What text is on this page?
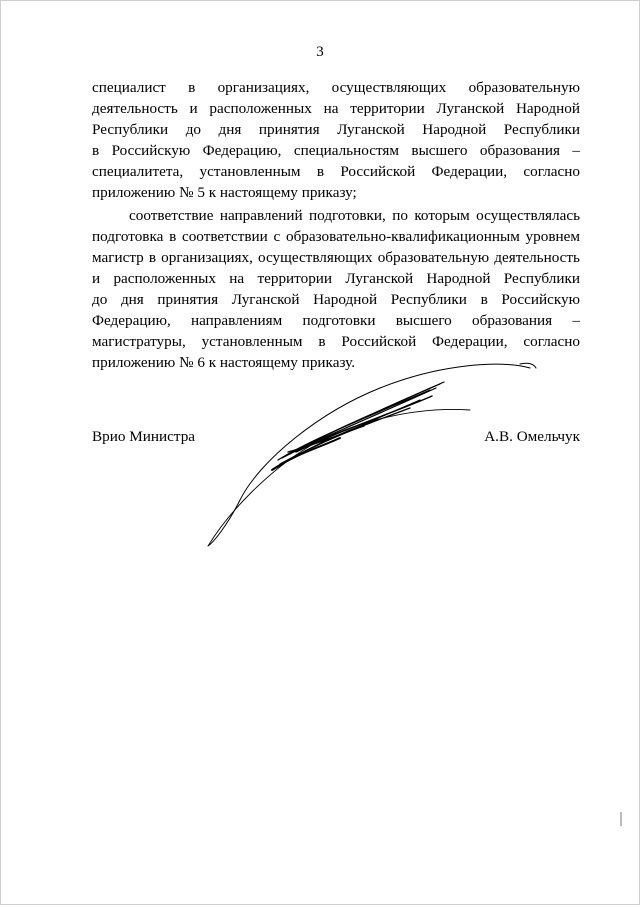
3
специалист в организациях, осуществляющих образовательную
деятельность и расположенных на территории Луганской Народной
Республики до дня принятия Луганской Народной Республики
в Российскую Федерацию, специальностям высшего образования –
специалитета, установленным в Российской Федерации, согласно
приложению № 5 к настоящему приказу;
соответствие направлений подготовки, по которым осуществлялась
подготовка в соответствии с образовательно-квалификационным уровнем
магистр в организациях, осуществляющих образовательную деятельность
и расположенных на территории Луганской Народной Республики
до дня принятия Луганской Народной Республики в Российскую
Федерацию, направлениям подготовки высшего образования –
магистратуры, установленным в Российской Федерации, согласно
приложению № 6 к настоящему приказу.
Врио Министра	А.В. Омельчук
